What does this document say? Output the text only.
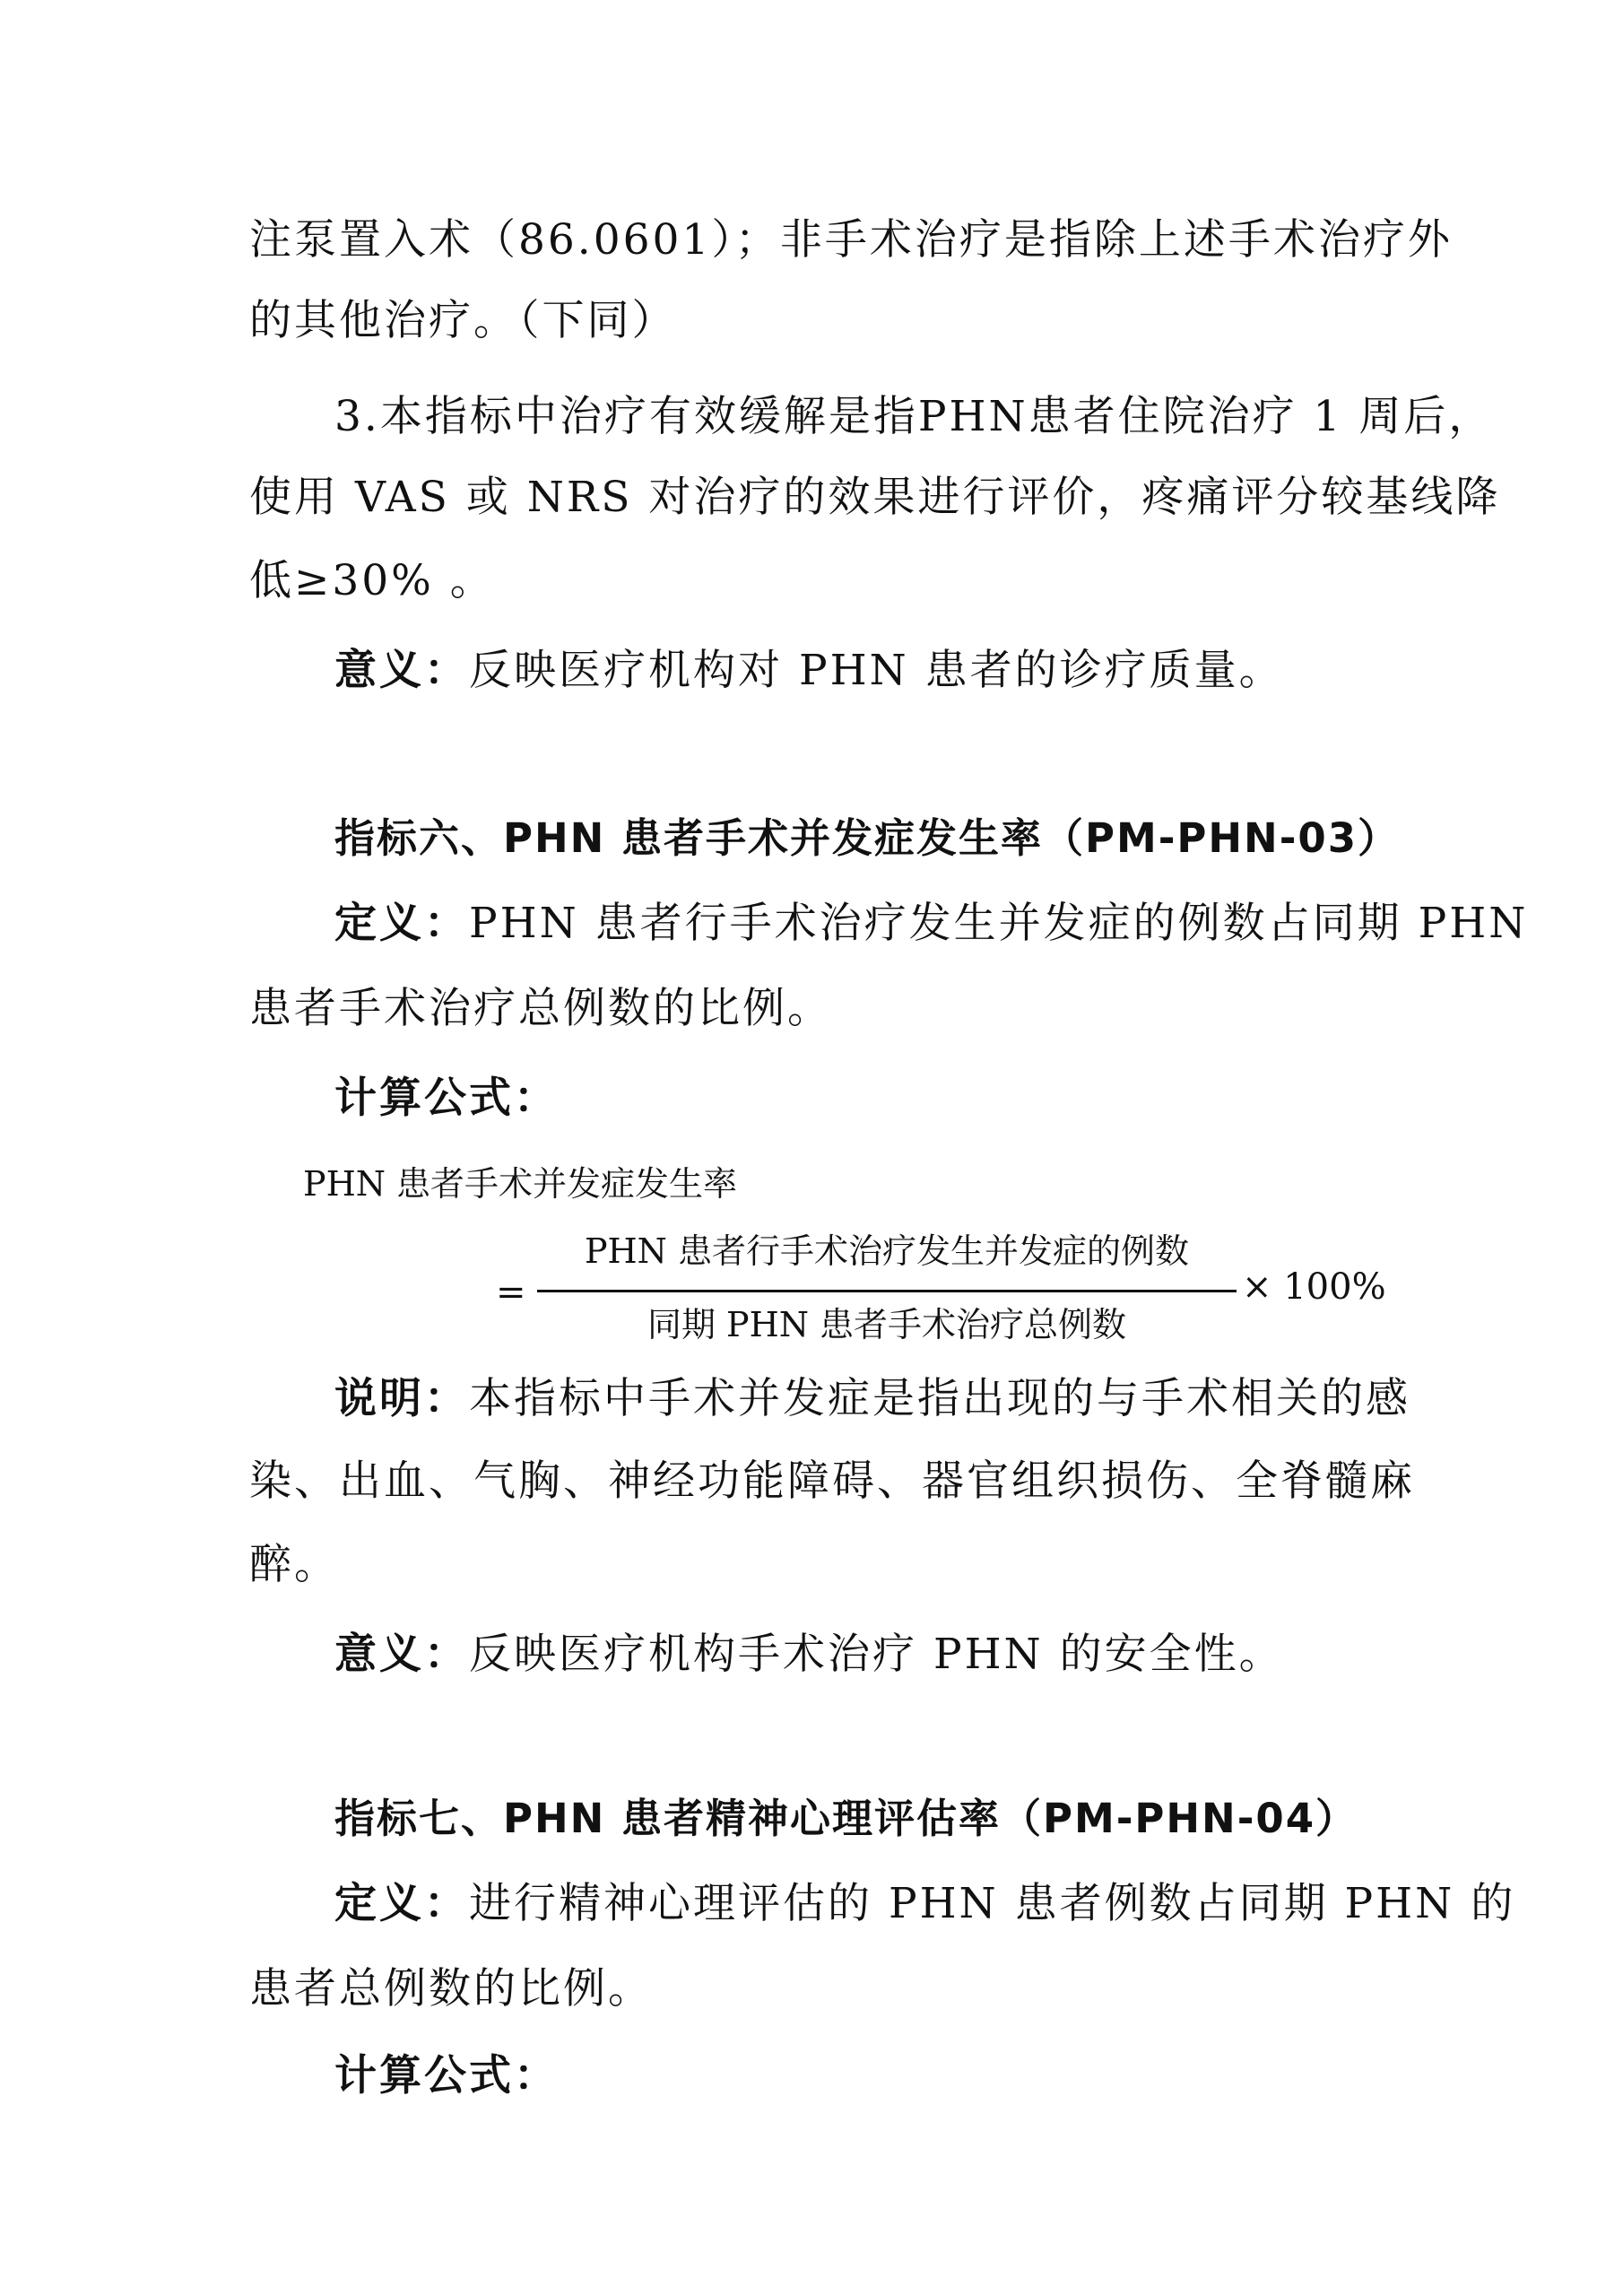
注泵置入术（86.0601）；非手术治疗是指除上述手术治疗外
的其他治疗。（下同）
3.本指标中治疗有效缓解是指PHN患者住院治疗 1 周后，
使用 VAS 或 NRS 对治疗的效果进行评价，疼痛评分较基线降
低≥30% 。
意义：反映医疗机构对 PHN 患者的诊疗质量。
指标六、PHN 患者手术并发症发生率（PM-PHN-03）
定义：PHN 患者行手术治疗发生并发症的例数占同期 PHN
患者手术治疗总例数的比例。
计算公式：
PHN 患者手术并发症发生率
=
PHN 患者行手术治疗发生并发症的例数
同期 PHN 患者手术治疗总例数
× 100%
说明：本指标中手术并发症是指出现的与手术相关的感
染、出血、气胸、神经功能障碍、器官组织损伤、全脊髓麻
醉。
意义：反映医疗机构手术治疗 PHN 的安全性。
指标七、PHN 患者精神心理评估率（PM-PHN-04）
定义：进行精神心理评估的 PHN 患者例数占同期 PHN 的
患者总例数的比例。
计算公式：
